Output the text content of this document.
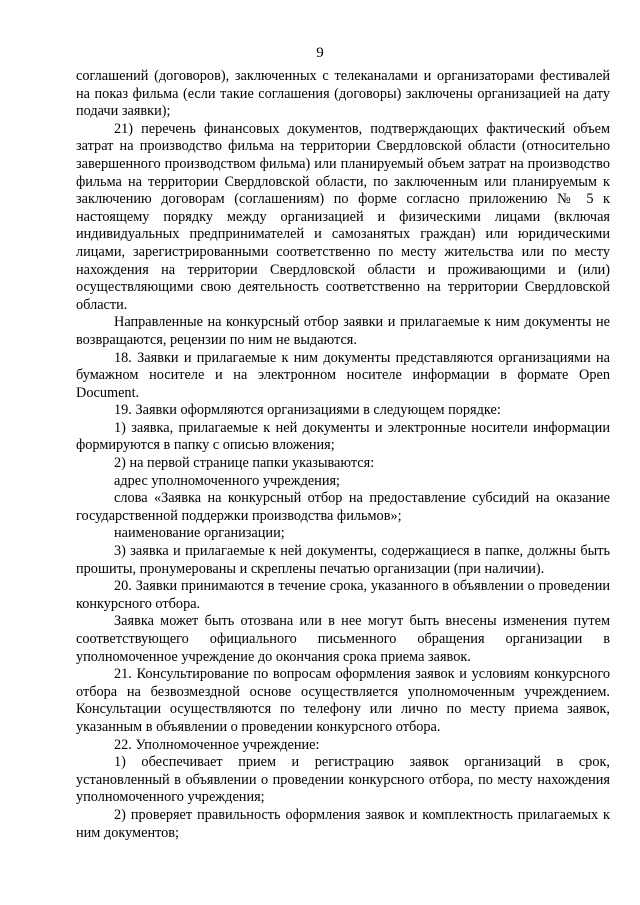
9

соглашений (договоров), заключенных с телеканалами и организаторами фестивалей на показ фильма (если такие соглашения (договоры) заключены организацией на дату подачи заявки);

21) перечень финансовых документов, подтверждающих фактический объем затрат на производство фильма на территории Свердловской области (относительно завершенного производством фильма) или планируемый объем затрат на производство фильма на территории Свердловской области, по заключенным или планируемым к заключению договорам (соглашениям) по форме согласно приложению № 5 к настоящему порядку между организацией и физическими лицами (включая индивидуальных предпринимателей и самозанятых граждан) или юридическими лицами, зарегистрированными соответственно по месту жительства или по месту нахождения на территории Свердловской области и проживающими и (или) осуществляющими свою деятельность соответственно на территории Свердловской области.

Направленные на конкурсный отбор заявки и прилагаемые к ним документы не возвращаются, рецензии по ним не выдаются.

18. Заявки и прилагаемые к ним документы представляются организациями на бумажном носителе и на электронном носителе информации в формате Open Document.

19. Заявки оформляются организациями в следующем порядке:

1) заявка, прилагаемые к ней документы и электронные носители информации формируются в папку с описью вложения;

2) на первой странице папки указываются:

адрес уполномоченного учреждения;

слова «Заявка на конкурсный отбор на предоставление субсидий на оказание государственной поддержки производства фильмов»;

наименование организации;

3) заявка и прилагаемые к ней документы, содержащиеся в папке, должны быть прошиты, пронумерованы и скреплены печатью организации (при наличии).

20. Заявки принимаются в течение срока, указанного в объявлении о проведении конкурсного отбора.

Заявка может быть отозвана или в нее могут быть внесены изменения путем соответствующего официального письменного обращения организации в уполномоченное учреждение до окончания срока приема заявок.

21. Консультирование по вопросам оформления заявок и условиям конкурсного отбора на безвозмездной основе осуществляется уполномоченным учреждением. Консультации осуществляются по телефону или лично по месту приема заявок, указанным в объявлении о проведении конкурсного отбора.

22. Уполномоченное учреждение:

1) обеспечивает прием и регистрацию заявок организаций в срок, установленный в объявлении о проведении конкурсного отбора, по месту нахождения уполномоченного учреждения;

2) проверяет правильность оформления заявок и комплектность прилагаемых к ним документов;
